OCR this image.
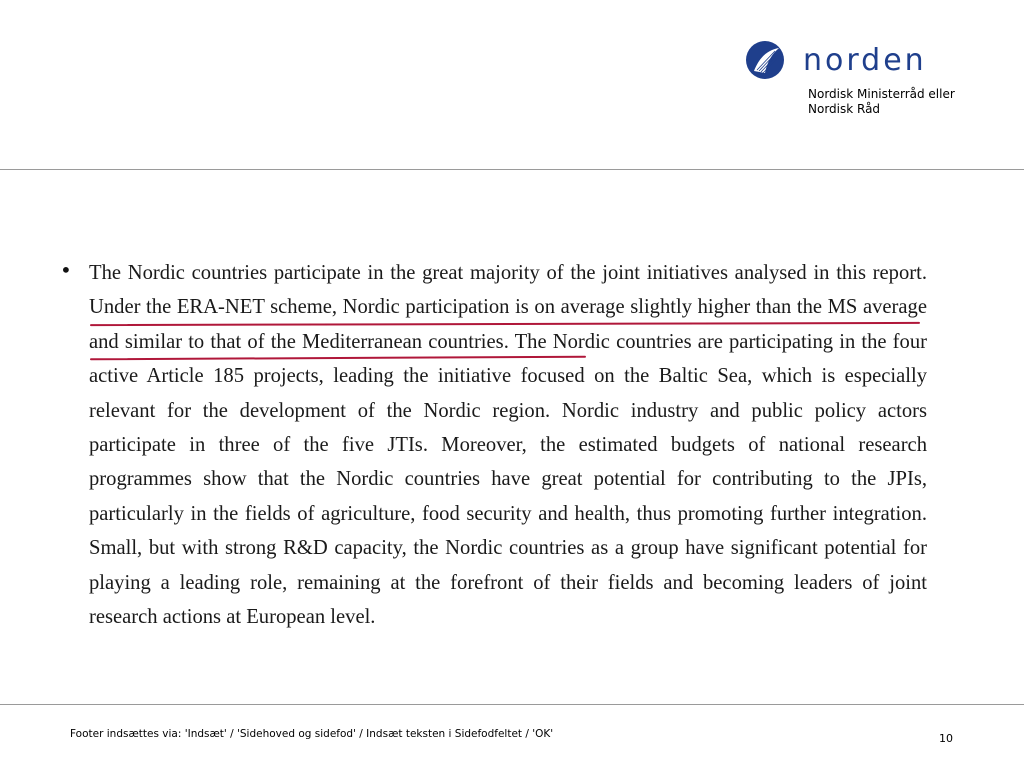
norden
Nordisk Ministerråd eller
Nordisk Råd
• The Nordic countries participate in the great majority of the joint initiatives analysed in this report. Under the ERA-NET scheme, Nordic participation is on average slightly higher than the MS average and similar to that of the Mediterranean countries. The Nordic countries are participating in the four active Article 185 projects, leading the initiative focused on the Baltic Sea, which is especially relevant for the development of the Nordic region. Nordic industry and public policy actors participate in three of the five JTIs. Moreover, the estimated budgets of national research programmes show that the Nordic countries have great potential for contributing to the JPIs, particularly in the fields of agriculture, food security and health, thus promoting further integration. Small, but with strong R&D capacity, the Nordic countries as a group have significant potential for playing a leading role, remaining at the forefront of their fields and becoming leaders of joint research actions at European level.

Footer indsættes via: 'Indsæt' / 'Sidehoved og sidefod' / Indsæt teksten i Sidefodfeltet / 'OK'	10
